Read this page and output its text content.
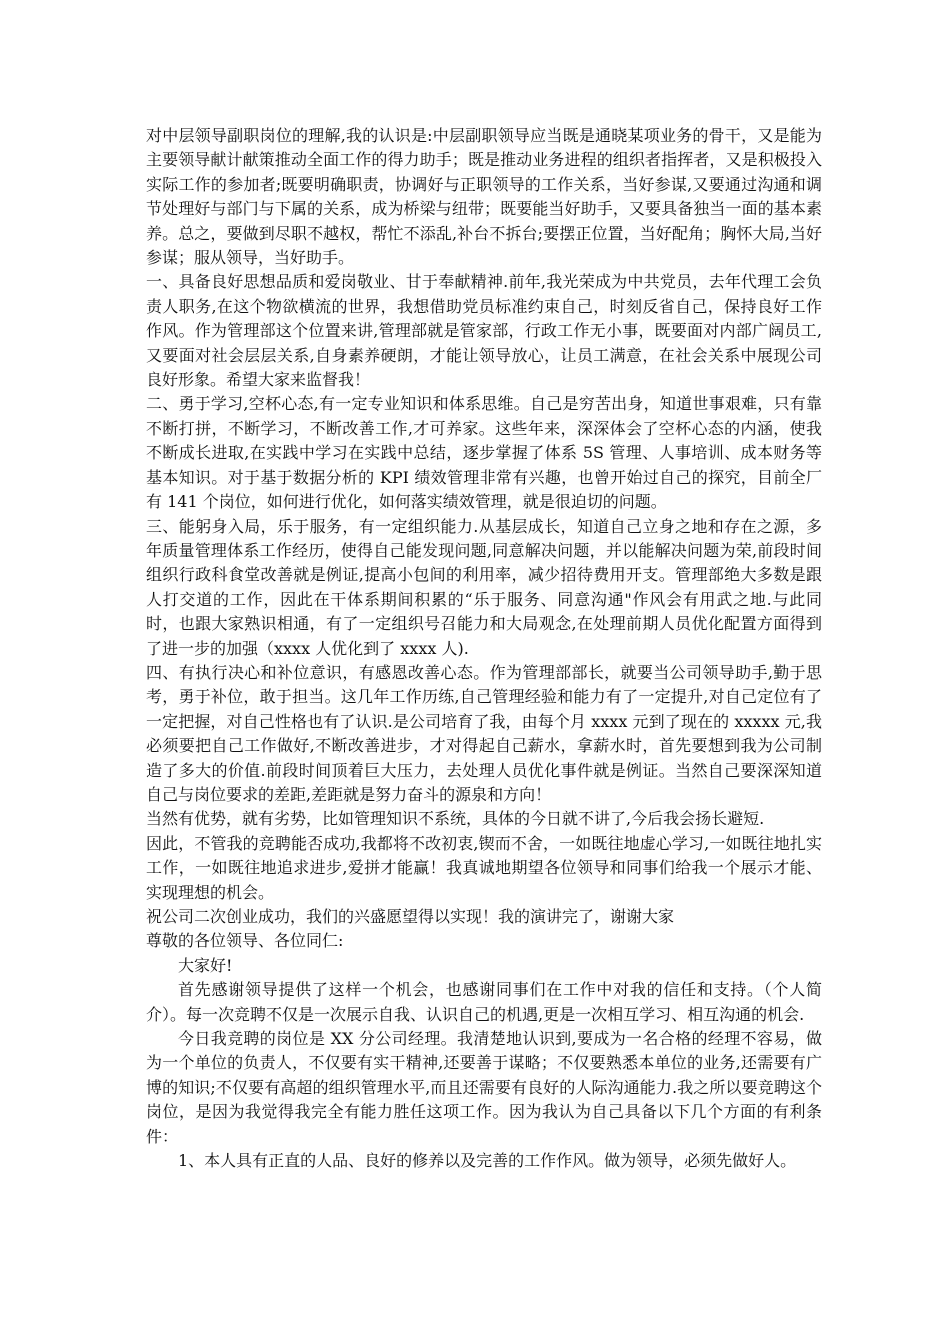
对中层领导副职岗位的理解,我的认识是:中层副职领导应当既是通晓某项业务的骨干，又是能为主要领导献计献策推动全面工作的得力助手；既是推动业务进程的组织者指挥者，又是积极投入实际工作的参加者;既要明确职责，协调好与正职领导的工作关系，当好参谋,又要通过沟通和调节处理好与部门与下属的关系，成为桥梁与纽带；既要能当好助手，又要具备独当一面的基本素养。总之，要做到尽职不越权，帮忙不添乱,补台不拆台;要摆正位置，当好配角；胸怀大局,当好参谋；服从领导，当好助手。

一、具备良好思想品质和爱岗敬业、甘于奉献精神.前年,我光荣成为中共党员，去年代理工会负责人职务,在这个物欲横流的世界，我想借助党员标准约束自己，时刻反省自己，保持良好工作作风。作为管理部这个位置来讲,管理部就是管家部，行政工作无小事，既要面对内部广阔员工,又要面对社会层层关系,自身素养硬朗，才能让领导放心，让员工满意，在社会关系中展现公司良好形象。希望大家来监督我！

二、勇于学习,空杯心态,有一定专业知识和体系思维。自己是穷苦出身，知道世事艰难，只有靠不断打拼，不断学习，不断改善工作,才可养家。这些年来，深深体会了空杯心态的内涵，使我不断成长进取,在实践中学习在实践中总结，逐步掌握了体系 5S 管理、人事培训、成本财务等基本知识。对于基于数据分析的 KPI 绩效管理非常有兴趣，也曾开始过自己的探究，目前全厂有 141 个岗位，如何进行优化，如何落实绩效管理，就是很迫切的问题。

三、能躬身入局，乐于服务，有一定组织能力.从基层成长，知道自己立身之地和存在之源，多年质量管理体系工作经历，使得自己能发现问题,同意解决问题，并以能解决问题为荣,前段时间组织行政科食堂改善就是例证,提高小包间的利用率，减少招待费用开支。管理部绝大多数是跟人打交道的工作，因此在干体系期间积累的“乐于服务、同意沟通"作风会有用武之地.与此同时，也跟大家熟识相通，有了一定组织号召能力和大局观念,在处理前期人员优化配置方面得到了进一步的加强（xxxx 人优化到了 xxxx 人).

四、有执行决心和补位意识，有感恩改善心态。作为管理部部长，就要当公司领导助手,勤于思考，勇于补位，敢于担当。这几年工作历练,自己管理经验和能力有了一定提升,对自己定位有了一定把握，对自己性格也有了认识.是公司培育了我，由每个月 xxxx 元到了现在的 xxxxx 元,我必须要把自己工作做好,不断改善进步，才对得起自己薪水，拿薪水时，首先要想到我为公司制造了多大的价值.前段时间顶着巨大压力，去处理人员优化事件就是例证。当然自己要深深知道自己与岗位要求的差距,差距就是努力奋斗的源泉和方向！

当然有优势，就有劣势，比如管理知识不系统，具体的今日就不讲了,今后我会扬长避短.

因此，不管我的竞聘能否成功,我都将不改初衷,锲而不舍，一如既往地虚心学习,一如既往地扎实工作，一如既往地追求进步,爱拼才能赢！我真诚地期望各位领导和同事们给我一个展示才能、实现理想的机会。

祝公司二次创业成功，我们的兴盛愿望得以实现！我的演讲完了，谢谢大家

尊敬的各位领导、各位同仁:

大家好!

首先感谢领导提供了这样一个机会，也感谢同事们在工作中对我的信任和支持。（个人简介）。每一次竞聘不仅是一次展示自我、认识自己的机遇,更是一次相互学习、相互沟通的机会.

今日我竞聘的岗位是 XX 分公司经理。我清楚地认识到,要成为一名合格的经理不容易，做为一个单位的负责人，不仅要有实干精神,还要善于谋略；不仅要熟悉本单位的业务,还需要有广博的知识;不仅要有高超的组织管理水平,而且还需要有良好的人际沟通能力.我之所以要竞聘这个岗位，是因为我觉得我完全有能力胜任这项工作。因为我认为自己具备以下几个方面的有利条件：

1、本人具有正直的人品、良好的修养以及完善的工作作风。做为领导，必须先做好人。
